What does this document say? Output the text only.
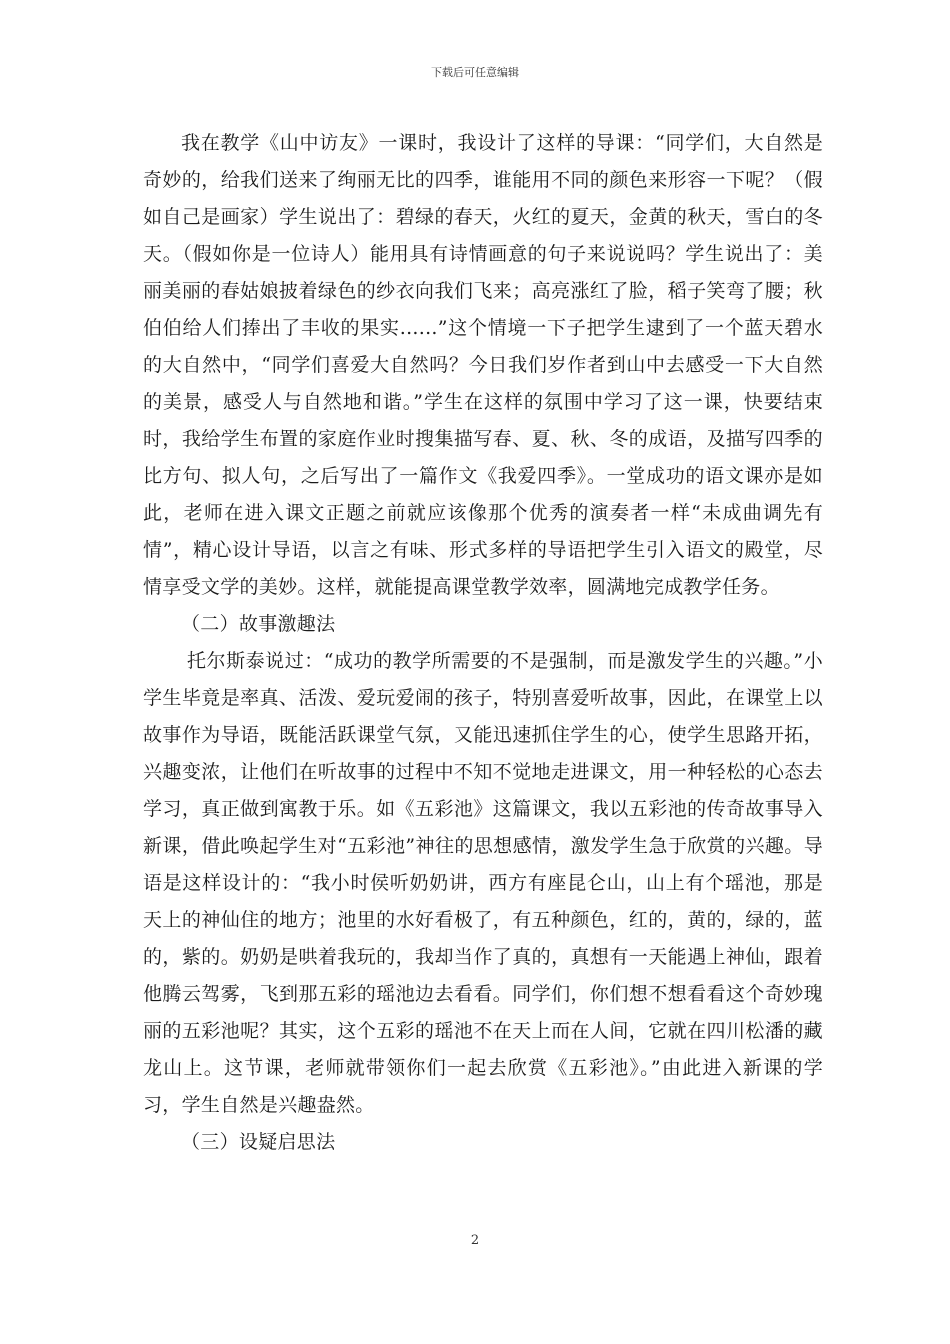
下载后可任意编辑

我在教学《山中访友》一课时，我设计了这样的导课：“同学们，大自然是奇妙的，给我们送来了绚丽无比的四季，谁能用不同的颜色来形容一下呢？（假如自己是画家）学生说出了：碧绿的春天，火红的夏天，金黄的秋天，雪白的冬天。（假如你是一位诗人）能用具有诗情画意的句子来说说吗？学生说出了：美丽美丽的春姑娘披着绿色的纱衣向我们飞来；高亮涨红了脸，稻子笑弯了腰；秋伯伯给人们捧出了丰收的果实......”这个情境一下子把学生逮到了一个蓝天碧水的大自然中，“同学们喜爱大自然吗？今日我们岁作者到山中去感受一下大自然的美景，感受人与自然地和谐。”学生在这样的氛围中学习了这一课，快要结束时，我给学生布置的家庭作业时搜集描写春、夏、秋、冬的成语，及描写四季的比方句、拟人句，之后写出了一篇作文《我爱四季》。一堂成功的语文课亦是如此，老师在进入课文正题之前就应该像那个优秀的演奏者一样“未成曲调先有情”，精心设计导语，以言之有味、形式多样的导语把学生引入语文的殿堂，尽情享受文学的美妙。这样，就能提高课堂教学效率，圆满地完成教学任务。

（二）故事激趣法

托尔斯泰说过：“成功的教学所需要的不是强制，而是激发学生的兴趣。”小学生毕竟是率真、活泼、爱玩爱闹的孩子，特别喜爱听故事，因此，在课堂上以故事作为导语，既能活跃课堂气氛，又能迅速抓住学生的心，使学生思路开拓，兴趣变浓，让他们在听故事的过程中不知不觉地走进课文，用一种轻松的心态去学习，真正做到寓教于乐。如《五彩池》这篇课文，我以五彩池的传奇故事导入新课，借此唤起学生对“五彩池”神往的思想感情，激发学生急于欣赏的兴趣。导语是这样设计的：“我小时侯听奶奶讲，西方有座昆仑山，山上有个瑶池，那是天上的神仙住的地方；池里的水好看极了，有五种颜色，红的，黄的，绿的，蓝的，紫的。奶奶是哄着我玩的，我却当作了真的，真想有一天能遇上神仙，跟着他腾云驾雾，飞到那五彩的瑶池边去看看。同学们，你们想不想看看这个奇妙瑰丽的五彩池呢？其实，这个五彩的瑶池不在天上而在人间，它就在四川松潘的藏龙山上。这节课，老师就带领你们一起去欣赏《五彩池》。”由此进入新课的学习，学生自然是兴趣盎然。

（三）设疑启思法

2
